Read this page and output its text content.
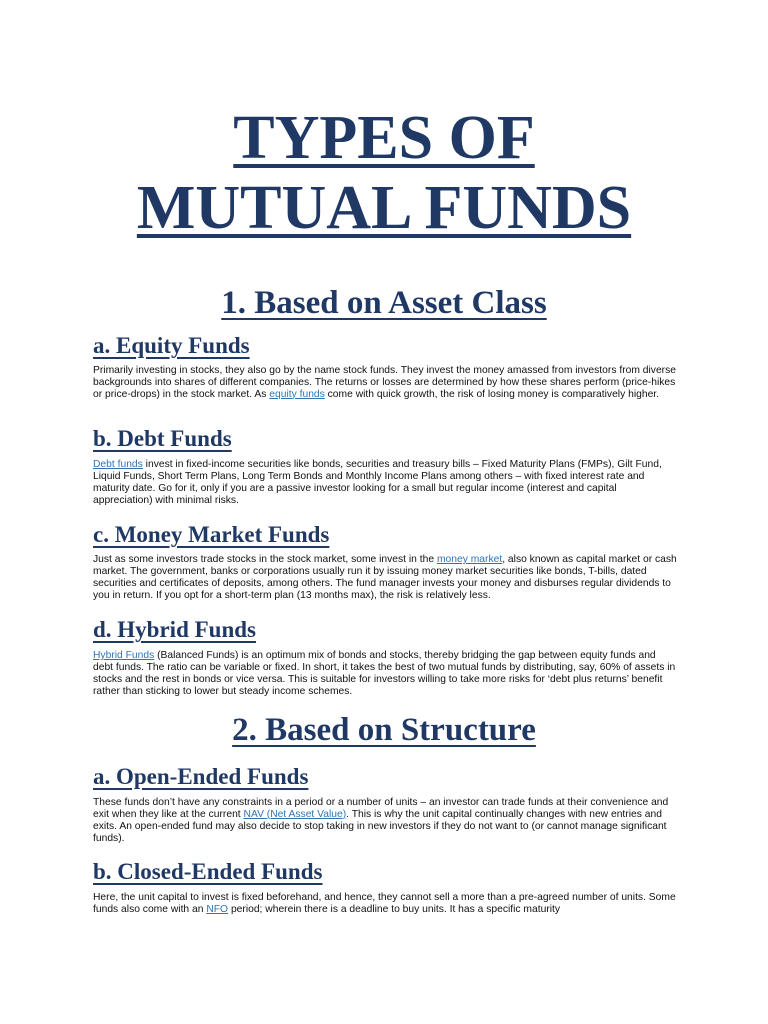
TYPES OF
MUTUAL FUNDS
1. Based on Asset Class
a. Equity Funds
Primarily investing in stocks, they also go by the name stock funds. They invest the money amassed from investors from diverse backgrounds into shares of different companies. The returns or losses are determined by how these shares perform (price-hikes or price-drops) in the stock market. As equity funds come with quick growth, the risk of losing money is comparatively higher.
b. Debt Funds
Debt funds invest in fixed-income securities like bonds, securities and treasury bills – Fixed Maturity Plans (FMPs), Gilt Fund, Liquid Funds, Short Term Plans, Long Term Bonds and Monthly Income Plans among others – with fixed interest rate and maturity date. Go for it, only if you are a passive investor looking for a small but regular income (interest and capital appreciation) with minimal risks.
c. Money Market Funds
Just as some investors trade stocks in the stock market, some invest in the money market, also known as capital market or cash market. The government, banks or corporations usually run it by issuing money market securities like bonds, T-bills, dated securities and certificates of deposits, among others. The fund manager invests your money and disburses regular dividends to you in return. If you opt for a short-term plan (13 months max), the risk is relatively less.
d. Hybrid Funds
Hybrid Funds (Balanced Funds) is an optimum mix of bonds and stocks, thereby bridging the gap between equity funds and debt funds. The ratio can be variable or fixed. In short, it takes the best of two mutual funds by distributing, say, 60% of assets in stocks and the rest in bonds or vice versa. This is suitable for investors willing to take more risks for ‘debt plus returns’ benefit rather than sticking to lower but steady income schemes.
2. Based on Structure
a. Open-Ended Funds
These funds don’t have any constraints in a period or a number of units – an investor can trade funds at their convenience and exit when they like at the current NAV (Net Asset Value). This is why the unit capital continually changes with new entries and exits. An open-ended fund may also decide to stop taking in new investors if they do not want to (or cannot manage significant funds).
b. Closed-Ended Funds
Here, the unit capital to invest is fixed beforehand, and hence, they cannot sell a more than a pre-agreed number of units. Some funds also come with an NFO period; wherein there is a deadline to buy units. It has a specific maturity
